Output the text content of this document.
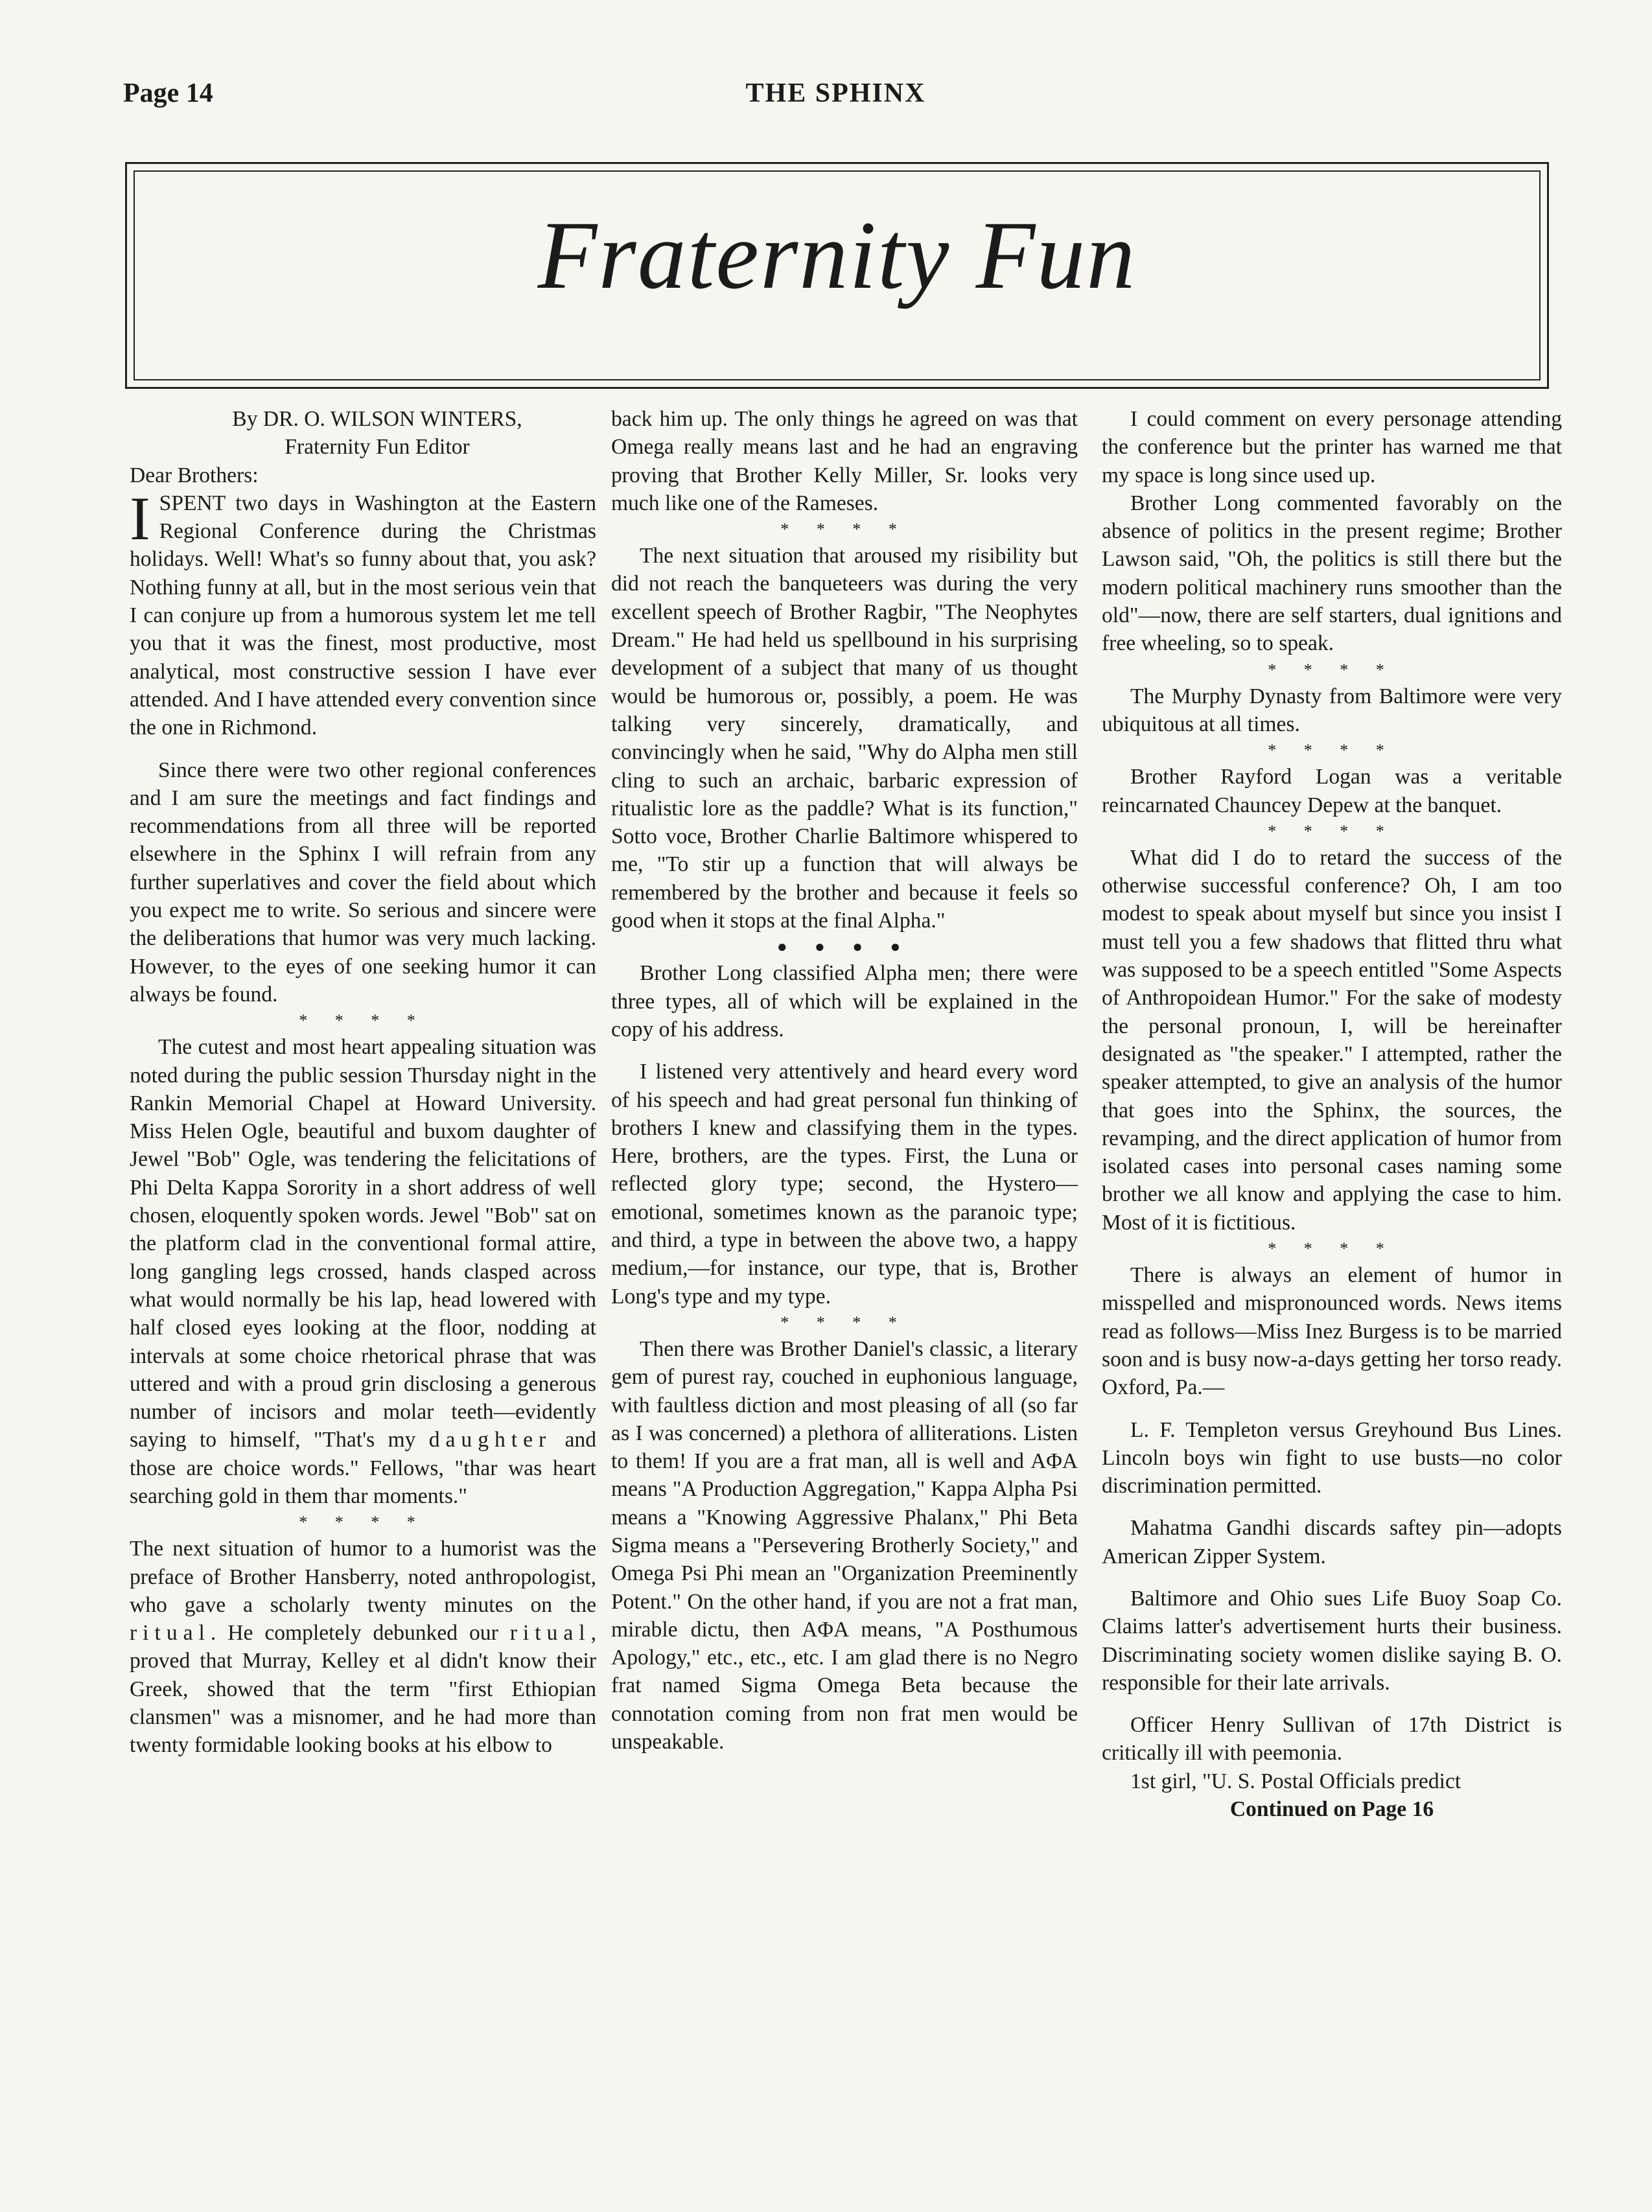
Page 14	THE SPHINX
Fraternity Fun

By DR. O. WILSON WINTERS,

Fraternity Fun Editor

Dear Brothers:

I SPENT two days in Washington at the Eastern Regional Conference during the Christmas holidays. Well! What's so funny about that, you ask? Nothing funny at all, but in the most serious vein that I can conjure up from a humorous system let me tell you that it was the finest, most productive, most analytical, most constructive session I have ever attended. And I have attended every convention since the one in Richmond.

Since there were two other regional conferences and I am sure the meetings and fact findings and recommendations from all three will be reported elsewhere in the Sphinx I will refrain from any further superlatives and cover the field about which you expect me to write. So serious and sincere were the deliberations that humor was very much lacking. However, to the eyes of one seeking humor it can always be found.

* * * *

The cutest and most heart appealing situation was noted during the public session Thursday night in the Rankin Memorial Chapel at Howard University. Miss Helen Ogle, beautiful and buxom daughter of Jewel "Bob" Ogle, was tendering the felicitations of Phi Delta Kappa Sorority in a short address of well chosen, eloquently spoken words. Jewel "Bob" sat on the platform clad in the conventional formal attire, long gangling legs crossed, hands clasped across what would normally be his lap, head lowered with half closed eyes looking at the floor, nodding at intervals at some choice rhetorical phrase that was uttered and with a proud grin disclosing a generous number of incisors and molar teeth—evidently saying to himself, "That's my daughter and those are choice words." Fellows, "thar was heart searching gold in them thar moments."

* * * *

The next situation of humor to a humorist was the preface of Brother Hansberry, noted anthropologist, who gave a scholarly twenty minutes on the ritual. He completely debunked our ritual, proved that Murray, Kelley et al didn't know their Greek, showed that the term "first Ethiopian clansmen" was a misnomer, and he had more than twenty formidable looking books at his elbow to

back him up. The only things he agreed on was that Omega really means last and he had an engraving proving that Brother Kelly Miller, Sr. looks very much like one of the Rameses.

* * * *

The next situation that aroused my risibility but did not reach the banqueteers was during the very excellent speech of Brother Ragbir, "The Neophytes Dream." He had held us spellbound in his surprising development of a subject that many of us thought would be humorous or, possibly, a poem. He was talking very sincerely, dramatically, and convincingly when he said, "Why do Alpha men still cling to such an archaic, barbaric expression of ritualistic lore as the paddle? What is its function," Sotto voce, Brother Charlie Baltimore whispered to me, "To stir up a function that will always be remembered by the brother and because it feels so good when it stops at the final Alpha."

● ● ● ●

Brother Long classified Alpha men; there were three types, all of which will be explained in the copy of his address.

I listened very attentively and heard every word of his speech and had great personal fun thinking of brothers I knew and classifying them in the types. Here, brothers, are the types. First, the Luna or reflected glory type; second, the Hystero—emotional, sometimes known as the paranoic type; and third, a type in between the above two, a happy medium,—for instance, our type, that is, Brother Long's type and my type.

* * * *

Then there was Brother Daniel's classic, a literary gem of purest ray, couched in euphonious language, with faultless diction and most pleasing of all (so far as I was concerned) a plethora of alliterations. Listen to them! If you are a frat man, all is well and AΦA means "A Production Aggregation," Kappa Alpha Psi means a "Knowing Aggressive Phalanx," Phi Beta Sigma means a "Persevering Brotherly Society," and Omega Psi Phi mean an "Organization Preeminently Potent." On the other hand, if you are not a frat man, mirable dictu, then AΦA means, "A Posthumous Apology," etc., etc., etc. I am glad there is no Negro frat named Sigma Omega Beta because the connotation coming from non frat men would be unspeakable.

I could comment on every personage attending the conference but the printer has warned me that my space is long since used up.

Brother Long commented favorably on the absence of politics in the present regime; Brother Lawson said, "Oh, the politics is still there but the modern political machinery runs smoother than the old"—now, there are self starters, dual ignitions and free wheeling, so to speak.

* * * *

The Murphy Dynasty from Baltimore were very ubiquitous at all times.

* * * *

Brother Rayford Logan was a veritable reincarnated Chauncey Depew at the banquet.

* * * *

What did I do to retard the success of the otherwise successful conference? Oh, I am too modest to speak about myself but since you insist I must tell you a few shadows that flitted thru what was supposed to be a speech entitled "Some Aspects of Anthropoidean Humor." For the sake of modesty the personal pronoun, I, will be hereinafter designated as "the speaker." I attempted, rather the speaker attempted, to give an analysis of the humor that goes into the Sphinx, the sources, the revamping, and the direct application of humor from isolated cases into personal cases naming some brother we all know and applying the case to him. Most of it is fictitious.

* * * *

There is always an element of humor in misspelled and mispronounced words. News items read as follows—Miss Inez Burgess is to be married soon and is busy now-a-days getting her torso ready. Oxford, Pa.—

L. F. Templeton versus Greyhound Bus Lines. Lincoln boys win fight to use busts—no color discrimination permitted.

Mahatma Gandhi discards saftey pin—adopts American Zipper System.

Baltimore and Ohio sues Life Buoy Soap Co. Claims latter's advertisement hurts their business. Discriminating society women dislike saying B. O. responsible for their late arrivals.

Officer Henry Sullivan of 17th District is critically ill with peemonia.

1st girl, "U. S. Postal Officials predict

Continued on Page 16
